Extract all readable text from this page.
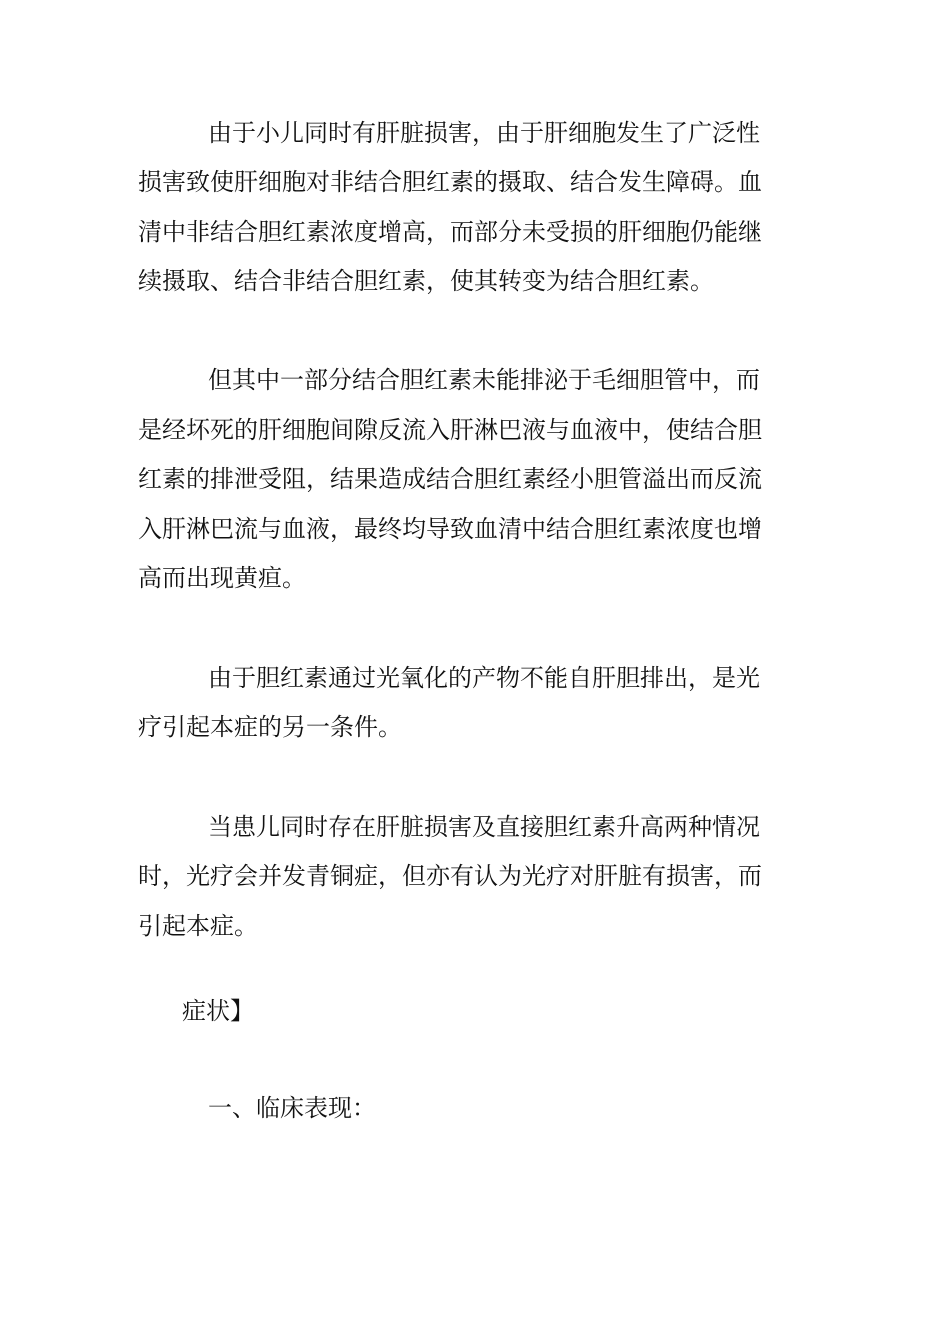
由于小儿同时有肝脏损害，由于肝细胞发生了广泛性
损害致使肝细胞对非结合胆红素的摄取、结合发生障碍。血
清中非结合胆红素浓度增高，而部分未受损的肝细胞仍能继
续摄取、结合非结合胆红素，使其转变为结合胆红素。
但其中一部分结合胆红素未能排泌于毛细胆管中，而
是经坏死的肝细胞间隙反流入肝淋巴液与血液中，使结合胆
红素的排泄受阻，结果造成结合胆红素经小胆管溢出而反流
入肝淋巴流与血液，最终均导致血清中结合胆红素浓度也增
高而出现黄疸。
由于胆红素通过光氧化的产物不能自肝胆排出，是光
疗引起本症的另一条件。
当患儿同时存在肝脏损害及直接胆红素升高两种情况
时，光疗会并发青铜症，但亦有认为光疗对肝脏有损害，而
引起本症。
症状】
一、临床表现：
